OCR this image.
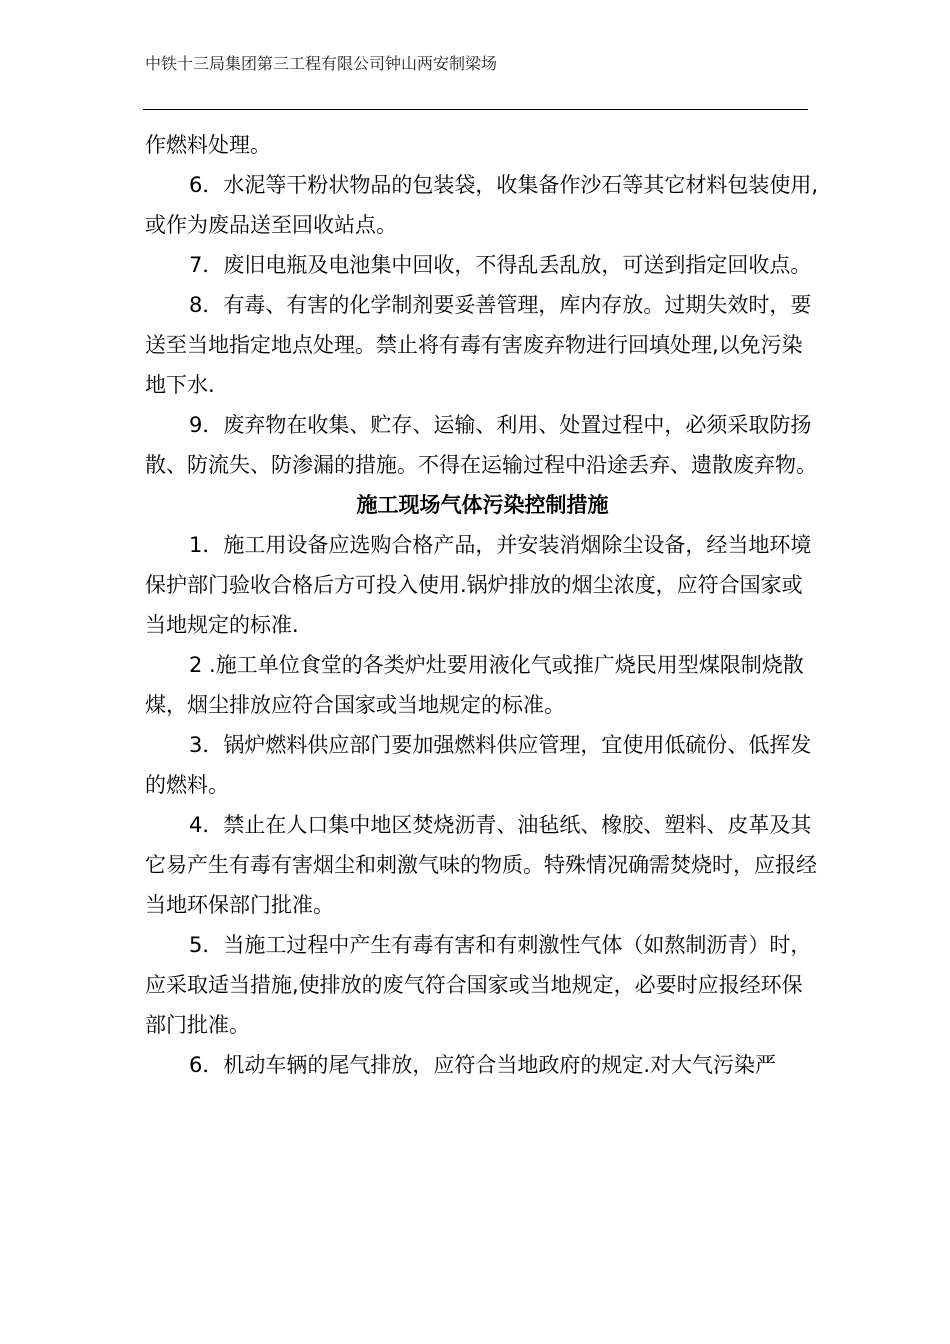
中铁十三局集团第三工程有限公司钟山两安制梁场

作燃料处理。

6．水泥等干粉状物品的包装袋，收集备作沙石等其它材料包装使用,或作为废品送至回收站点。

7．废旧电瓶及电池集中回收，不得乱丢乱放，可送到指定回收点。

8．有毒、有害的化学制剂要妥善管理，库内存放。过期失效时，要送至当地指定地点处理。禁止将有毒有害废弃物进行回填处理,以免污染地下水.

9．废弃物在收集、贮存、运输、利用、处置过程中，必须采取防扬散、防流失、防渗漏的措施。不得在运输过程中沿途丢弃、遗散废弃物。

施工现场气体污染控制措施

1．施工用设备应选购合格产品，并安装消烟除尘设备，经当地环境保护部门验收合格后方可投入使用.锅炉排放的烟尘浓度，应符合国家或当地规定的标准.

2 .施工单位食堂的各类炉灶要用液化气或推广烧民用型煤限制烧散煤，烟尘排放应符合国家或当地规定的标准。

3．锅炉燃料供应部门要加强燃料供应管理，宜使用低硫份、低挥发的燃料。

4．禁止在人口集中地区焚烧沥青、油毡纸、橡胶、塑料、皮革及其它易产生有毒有害烟尘和刺激气味的物质。特殊情况确需焚烧时，应报经当地环保部门批准。

5．当施工过程中产生有毒有害和有刺激性气体（如熬制沥青）时，应采取适当措施,使排放的废气符合国家或当地规定，必要时应报经环保部门批准。

6．机动车辆的尾气排放，应符合当地政府的规定.对大气污染严
